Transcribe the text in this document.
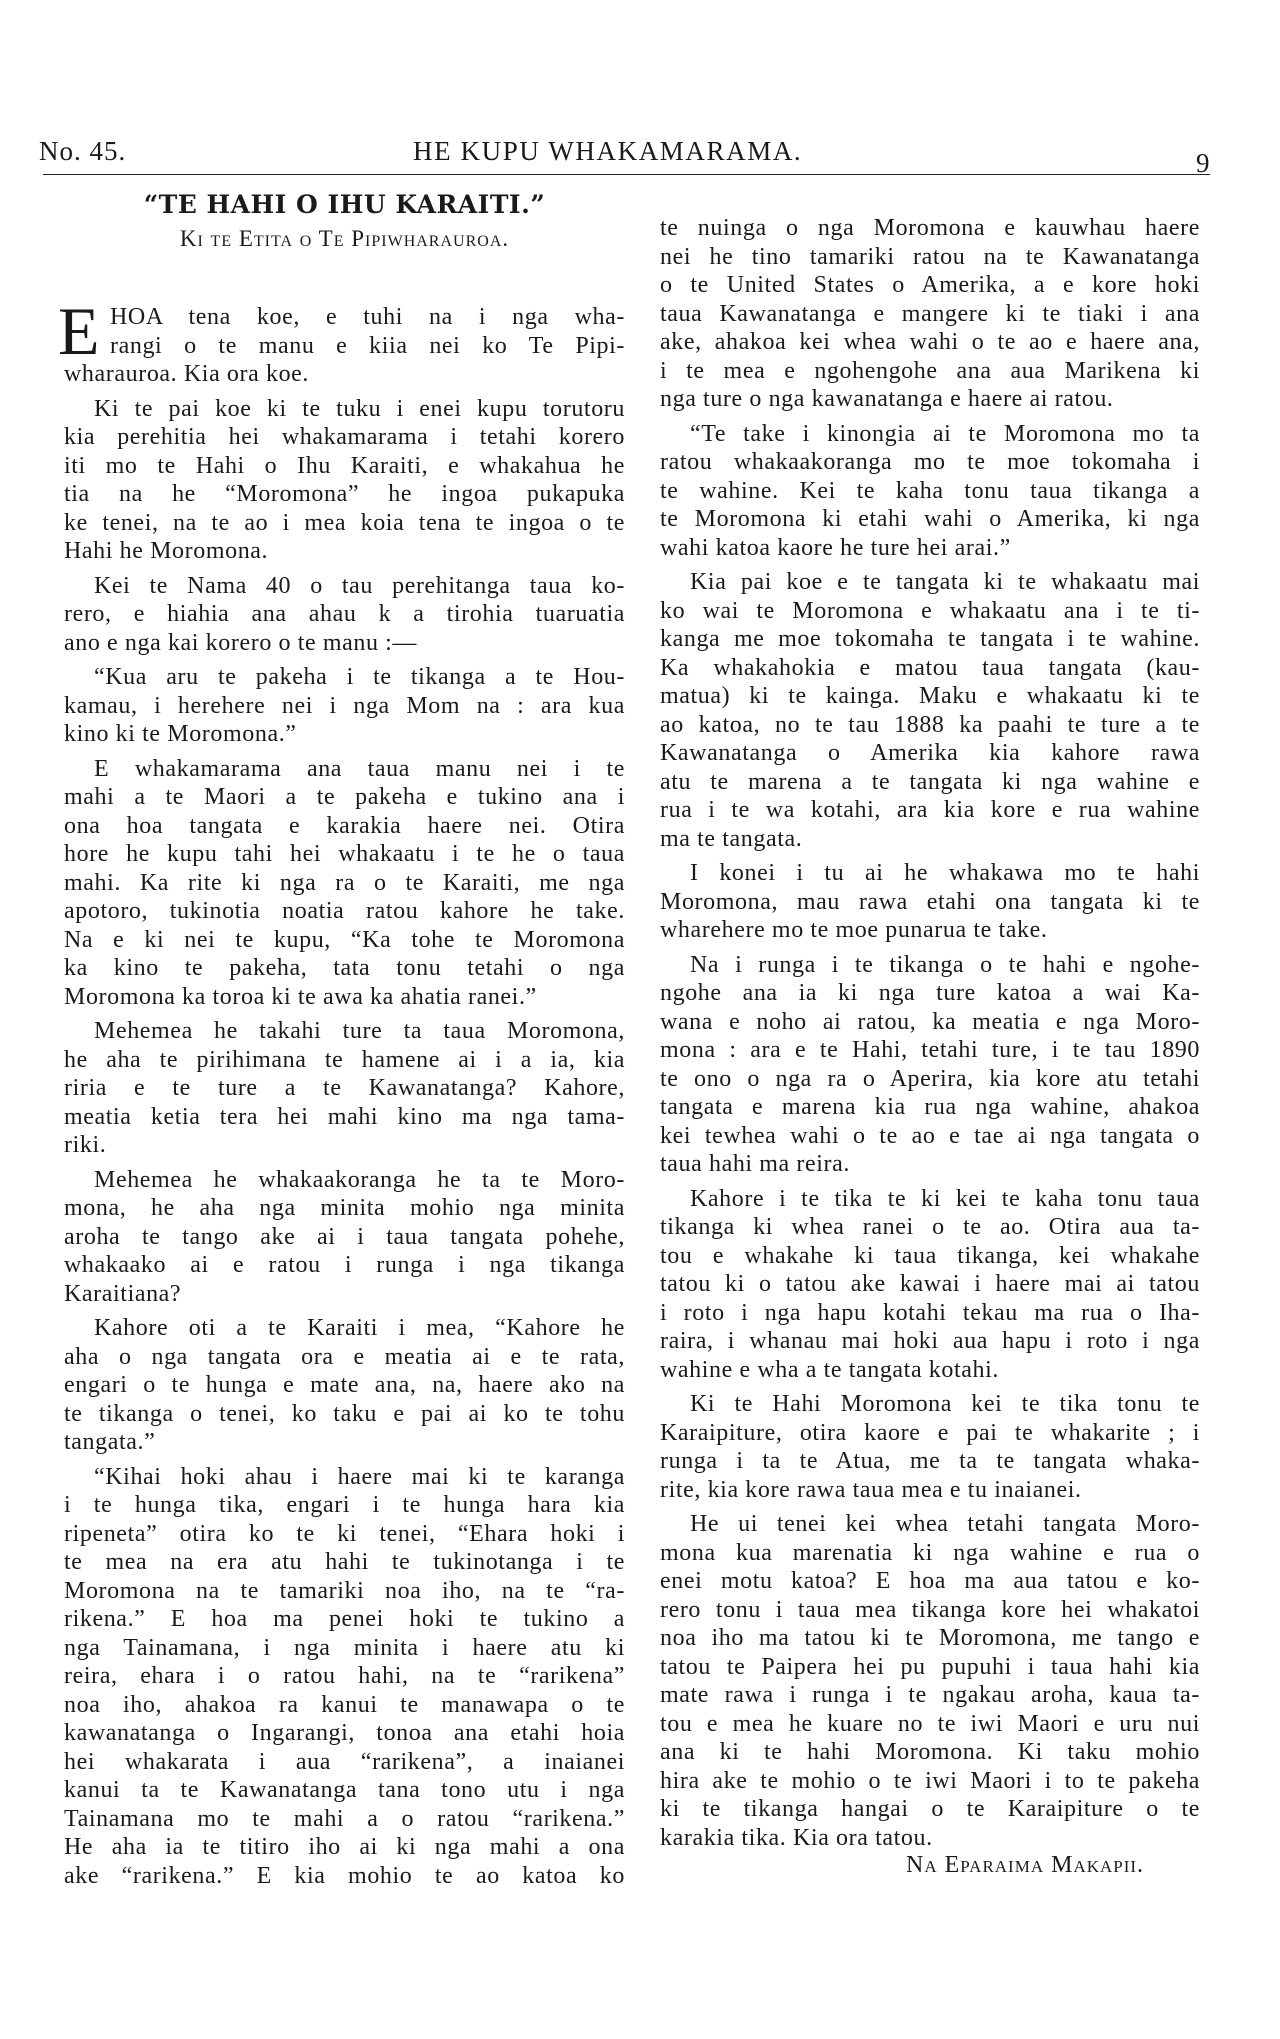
No. 45.	HE KUPU WHAKAMARAMA.	9
“TE HAHI O IHU KARAITI.”
Ki te Etita o Te Pipiwharauroa.
E HOA tena koe, e tuhi na i nga wha-
rangi o te manu e kiia nei ko Te Pipi-
wharauroa. Kia ora koe.
Ki te pai koe ki te tuku i enei kupu torutoru
kia perehitia hei whakamarama i tetahi korero
iti mo te Hahi o Ihu Karaiti, e whakahua he
tia na he “Moromona” he ingoa pukapuka
ke tenei, na te ao i mea koia tena te ingoa o te
Hahi he Moromona.
Kei te Nama 40 o tau perehitanga taua ko-
rero, e hiahia ana ahau k a tirohia tuaruatia
ano e nga kai korero o te manu :—
“Kua aru te pakeha i te tikanga a te Hou-
kamau, i herehere nei i nga Mom na : ara kua
kino ki te Moromona.”
E whakamarama ana taua manu nei i te
mahi a te Maori a te pakeha e tukino ana i
ona hoa tangata e karakia haere nei. Otira
hore he kupu tahi hei whakaatu i te he o taua
mahi. Ka rite ki nga ra o te Karaiti, me nga
apotoro, tukinotia noatia ratou kahore he take.
Na e ki nei te kupu, “Ka tohe te Moromona
ka kino te pakeha, tata tonu tetahi o nga
Moromona ka toroa ki te awa ka ahatia ranei.”
Mehemea he takahi ture ta taua Moromona,
he aha te pirihimana te hamene ai i a ia, kia
riria e te ture a te Kawanatanga? Kahore,
meatia ketia tera hei mahi kino ma nga tama-
riki.
Mehemea he whakaakoranga he ta te Moro-
mona, he aha nga minita mohio nga minita
aroha te tango ake ai i taua tangata pohehe,
whakaako ai e ratou i runga i nga tikanga
Karaitiana?
Kahore oti a te Karaiti i mea, “Kahore he
aha o nga tangata ora e meatia ai e te rata,
engari o te hunga e mate ana, na, haere ako na
te tikanga o tenei, ko taku e pai ai ko te tohu
tangata.”
“Kihai hoki ahau i haere mai ki te karanga
i te hunga tika, engari i te hunga hara kia
ripeneta” otira ko te ki tenei, “Ehara hoki i
te mea na era atu hahi te tukinotanga i te
Moromona na te tamariki noa iho, na te “ra-
rikena.” E hoa ma penei hoki te tukino a
nga Tainamana, i nga minita i haere atu ki
reira, ehara i o ratou hahi, na te “rarikena”
noa iho, ahakoa ra kanui te manawapa o te
kawanatanga o Ingarangi, tonoa ana etahi hoia
hei whakarata i aua “rarikena”, a inaianei
kanui ta te Kawanatanga tana tono utu i nga
Tainamana mo te mahi a o ratou “rarikena.”
He aha ia te titiro iho ai ki nga mahi a ona
ake “rarikena.” E kia mohio te ao katoa ko
te nuinga o nga Moromona e kauwhau haere
nei he tino tamariki ratou na te Kawanatanga
o te United States o Amerika, a e kore hoki
taua Kawanatanga e mangere ki te tiaki i ana
ake, ahakoa kei whea wahi o te ao e haere ana,
i te mea e ngohengohe ana aua Marikena ki
nga ture o nga kawanatanga e haere ai ratou.
“Te take i kinongia ai te Moromona mo ta
ratou whakaakoranga mo te moe tokomaha i
te wahine. Kei te kaha tonu taua tikanga a
te Moromona ki etahi wahi o Amerika, ki nga
wahi katoa kaore he ture hei arai.”
Kia pai koe e te tangata ki te whakaatu mai
ko wai te Moromona e whakaatu ana i te ti-
kanga me moe tokomaha te tangata i te wahine.
Ka whakahokia e matou taua tangata (kau-
matua) ki te kainga. Maku e whakaatu ki te
ao katoa, no te tau 1888 ka paahi te ture a te
Kawanatanga o Amerika kia kahore rawa
atu te marena a te tangata ki nga wahine e
rua i te wa kotahi, ara kia kore e rua wahine
ma te tangata.
I konei i tu ai he whakawa mo te hahi
Moromona, mau rawa etahi ona tangata ki te
wharehere mo te moe punarua te take.
Na i runga i te tikanga o te hahi e ngohe-
ngohe ana ia ki nga ture katoa a wai Ka-
wana e noho ai ratou, ka meatia e nga Moro-
mona : ara e te Hahi, tetahi ture, i te tau 1890
te ono o nga ra o Aperira, kia kore atu tetahi
tangata e marena kia rua nga wahine, ahakoa
kei tewhea wahi o te ao e tae ai nga tangata o
taua hahi ma reira.
Kahore i te tika te ki kei te kaha tonu taua
tikanga ki whea ranei o te ao. Otira aua ta-
tou e whakahe ki taua tikanga, kei whakahe
tatou ki o tatou ake kawai i haere mai ai tatou
i roto i nga hapu kotahi tekau ma rua o Iha-
raira, i whanau mai hoki aua hapu i roto i nga
wahine e wha a te tangata kotahi.
Ki te Hahi Moromona kei te tika tonu te
Karaipiture, otira kaore e pai te whakarite ; i
runga i ta te Atua, me ta te tangata whaka-
rite, kia kore rawa taua mea e tu inaianei.
He ui tenei kei whea tetahi tangata Moro-
mona kua marenatia ki nga wahine e rua o
enei motu katoa? E hoa ma aua tatou e ko-
rero tonu i taua mea tikanga kore hei whakatoi
noa iho ma tatou ki te Moromona, me tango e
tatou te Paipera hei pu pupuhi i taua hahi kia
mate rawa i runga i te ngakau aroha, kaua ta-
tou e mea he kuare no te iwi Maori e uru nui
ana ki te hahi Moromona. Ki taku mohio
hira ake te mohio o te iwi Maori i to te pakeha
ki te tikanga hangai o te Karaipiture o te
karakia tika. Kia ora tatou.
Na Eparaima Makapii.
